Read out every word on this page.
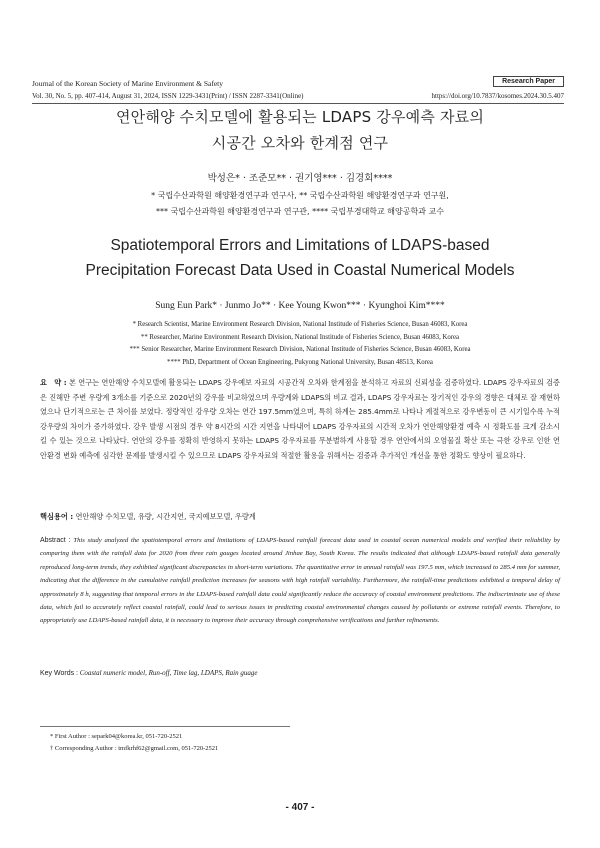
Journal of the Korean Society of Marine Environment & Safety	Research Paper
Vol. 30, No. 5, pp. 407-414, August 31, 2024, ISSN 1229-3431(Print) / ISSN 2287-3341(Online)	https://doi.org/10.7837/kosomes.2024.30.5.407
연안해양 수치모델에 활용되는 LDAPS 강우예측 자료의
시공간 오차와 한계점 연구
박성은* · 조준모** · 권기영*** · 김경회****
* 국립수산과학원 해양환경연구과 연구사, ** 국립수산과학원 해양환경연구과 연구원,
*** 국립수산과학원 해양환경연구과 연구관, **** 국립부경대학교 해양공학과 교수
Spatiotemporal Errors and Limitations of LDAPS-based
Precipitation Forecast Data Used in Coastal Numerical Models
Sung Eun Park* · Junmo Jo** · Kee Young Kwon*** · Kyunghoi Kim****
* Research Scientist, Marine Environment Research Division, National Institude of Fisheries Science, Busan 46083, Korea
** Researcher, Marine Environment Research Division, National Institude of Fisheries Science, Busan 46083, Korea
*** Senior Researcher, Marine Environment Research Division, National Institude of Fisheries Science, Busan 46083, Korea
**** PhD, Department of Ocean Engineering, Pukyong National University, Busan 48513, Korea
요　약 : 본 연구는 연안해양 수치모델에 활용되는 LDAPS 강우예보 자료의 시공간적 오차와 한계점을 분석하고 자료의 신뢰성을 검증하였다. LDAPS 강우자료의 검증은 진해만 주변 우량계 3개소를 기준으로 2020년의 강우를 비교하였으며 우량계와 LDAPS의 비교 결과, LDAPS 강우자료는 장기적인 강우의 경향은 대체로 잘 재현하였으나 단기적으로는 큰 차이를 보였다. 정량적인 강우량 오차는 연간 197.5mm였으며, 특히 하계는 285.4mm로 나타나 계절적으로 강우변동이 큰 시기일수록 누적 강우량의 차이가 증가하였다. 강우 발생 시점의 경우 약 8시간의 시간 지연을 나타내어 LDAPS 강우자료의 시간적 오차가 연안해양환경 예측 시 정확도를 크게 감소시킬 수 있는 것으로 나타났다. 연안의 강우를 정확히 반영하지 못하는 LDAPS 강우자료를 무분별하게 사용할 경우 연안에서의 오염물질 확산 또는 극한 강우로 인한 연안환경 변화 예측에 심각한 문제를 발생시킬 수 있으므로 LDAPS 강우자료의 적절한 활용을 위해서는 검증과 추가적인 개선을 통한 정확도 향상이 필요하다.
핵심용어 : 연안해양 수치모델, 유량, 시간지연, 국지예보모델, 우량계
Abstract : This study analyzed the spatiotemporal errors and limitations of LDAPS-based rainfall forecast data used in coastal ocean numerical models and verified their reliability by comparing them with the rainfall data for 2020 from three rain gauges located around Jinhae Bay, South Korea. The results indicated that although LDAPS-based rainfall data generally reproduced long-term trends, they exhibited significant discrepancies in short-term variations. The quantitative error in annual rainfall was 197.5 mm, which increased to 285.4 mm for summer, indicating that the difference in the cumulative rainfall prediction increases for seasons with high rainfall variability. Furthermore, the rainfall-time predictions exhibited a temporal delay of approximately 8 h, suggesting that temporal errors in the LDAPS-based rainfall data could significantly reduce the accuracy of coastal environment predictions. The indiscriminate use of these data, which fail to accurately reflect coastal rainfall, could lead to serious issues in predicting coastal environmental changes caused by pollutants or extreme rainfall events. Therefore, to appropriately use LDAPS-based rainfall data, it is necessary to improve their accuracy through comprehensive verifications and further refinements.
Key Words : Coastal numeric model, Run-off, Time lag, LDAPS, Rain guage
* First Author : separk04@korea.kr, 051-720-2521
† Corresponding Author : tmfkrhf62@gmail.com, 051-720-2521
- 407 -
